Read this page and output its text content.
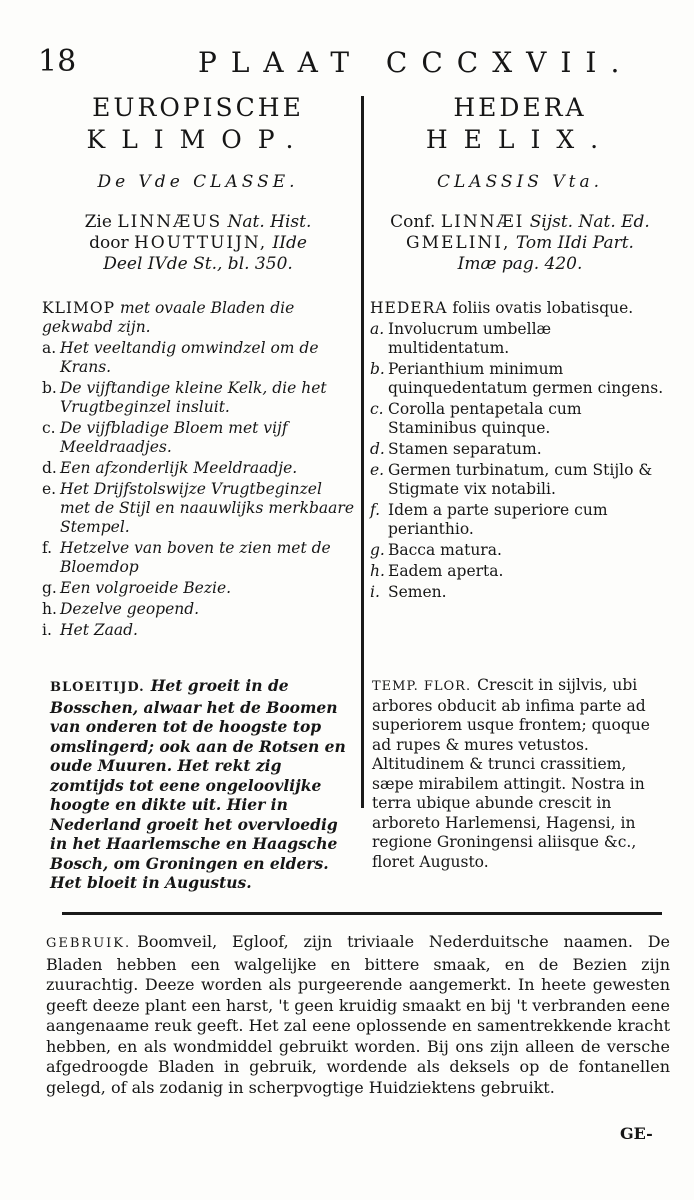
18	PLAAT CCCXVII.
EUROPISCHE
KLIMOP.
De Vde CLASSE.
Zie LINNÆUS Nat. Hist.
door HOUTTUIJN, IIde
Deel IVde St., bl. 350.
KLIMOP met ovaale Bladen die gekwabd zijn.
a. Het veeltandig omwindzel om de Krans.
b. De vijftandige kleine Kelk, die het Vrugtbeginzel insluit.
c. De vijfbladige Bloem met vijf Meeldraadjes.
d. Een afzonderlijk Meeldraadje.
e. Het Drijfstolswijze Vrugtbeginzel met de Stijl en naauwlijks merkbaare Stempel.
f. Hetzelve van boven te zien met de Bloemdop
g. Een volgroeide Bezie.
h. Dezelve geopend.
i. Het Zaad.
HEDERA
HELIX.
CLASSIS Vta.
Conf. LINNÆI Sijst. Nat. Ed.
GMELINI, Tom IIdi Part.
Imæ pag. 420.
HEDERA foliis ovatis lobatisque.
a. Involucrum umbellæ multidentatum.
b. Perianthium minimum quinquedentatum germen cingens.
c. Corolla pentapetala cum Staminibus quinque.
d. Stamen separatum.
e. Germen turbinatum, cum Stijlo & Stigmate vix notabili.
f. Idem a parte superiore cum perianthio.
g. Bacca matura.
h. Eadem aperta.
i. Semen.
BLOEITIJD. Het groeit in de Bosschen, alwaar het de Boomen van onderen tot de hoogste top omslingerd; ook aan de Rotsen en oude Muuren. Het rekt zig zomtijds tot eene ongeloovlijke hoogte en dikte uit. Hier in Nederland groeit het overvloedig in het Haarlemsche en Haagsche Bosch, om Groningen en elders. Het bloeit in Augustus.
TEMP. FLOR. Crescit in sijlvis, ubi arbores obducit ab infima parte ad superiorem usque frontem; quoque ad rupes & mures vetustos. Altitudinem & trunci crassitiem, sæpe mirabilem attingit. Nostra in terra ubique abunde crescit in arboreto Harlemensi, Hagensi, in regione Groningensi aliisque &c., floret Augusto.
GEBRUIK. Boomveil, Egloof, zijn triviaale Nederduitsche naamen. De Bladen hebben een walgelijke en bittere smaak, en de Bezien zijn zuurachtig. Deeze worden als purgeerende aangemerkt. In heete gewesten geeft deeze plant een harst, 't geen kruidig smaakt en bij 't verbranden eene aangenaame reuk geeft. Het zal eene oplossende en samentrekkende kracht hebben, en als wondmiddel gebruikt worden. Bij ons zijn alleen de versche afgedroogde Bladen in gebruik, wordende als deksels op de fontanellen gelegd, of als zodanig in scherpvogtige Huidziektens gebruikt.
GE-
